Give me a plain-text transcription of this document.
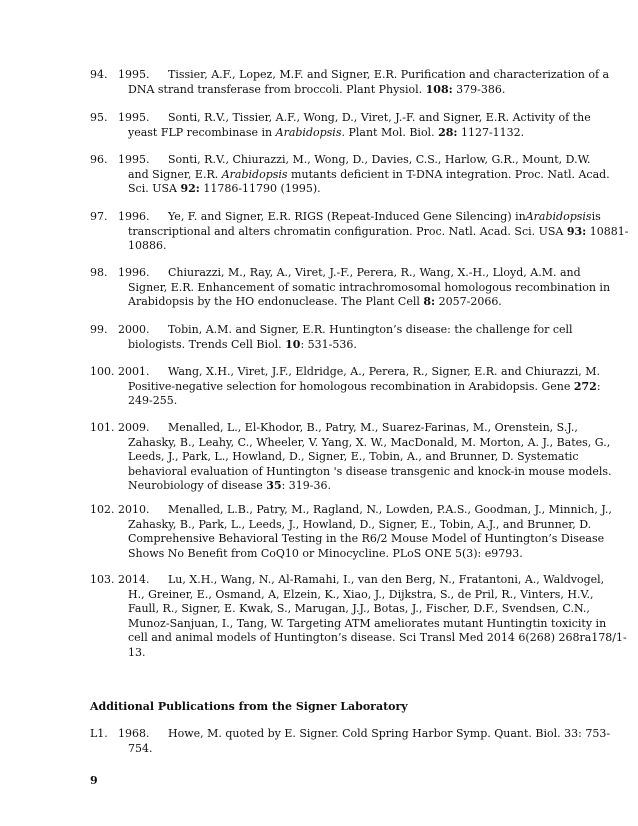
94. 1995.	Tissier, A.F., Lopez, M.F. and Signer, E.R. Purification and characterization of a
DNA strand transferase from broccoli. Plant Physiol. 108: 379-386.
95. 1995.	Sonti, R.V., Tissier, A.F., Wong, D., Viret, J.-F. and Signer, E.R. Activity of the
yeast FLP recombinase in Arabidopsis. Plant Mol. Biol. 28: 1127-1132.
96. 1995.	Sonti, R.V., Chiurazzi, M., Wong, D., Davies, C.S., Harlow, G.R., Mount, D.W.
and Signer, E.R. Arabidopsis mutants deficient in T-DNA integration. Proc. Natl. Acad.
Sci. USA 92: 11786-11790 (1995).
97. 1996.	Ye, F. and Signer, E.R. RIGS (Repeat-Induced Gene Silencing) in Arabidopsis is
transcriptional and alters chromatin configuration. Proc. Natl. Acad. Sci. USA 93: 10881-
10886.
98. 1996.	Chiurazzi, M., Ray, A., Viret, J.-F., Perera, R., Wang, X.-H., Lloyd, A.M. and
Signer, E.R. Enhancement of somatic intrachromosomal homologous recombination in
Arabidopsis by the HO endonuclease. The Plant Cell 8: 2057-2066.
99. 2000.	Tobin, A.M. and Signer, E.R. Huntington’s disease: the challenge for cell
biologists. Trends Cell Biol. 10: 531-536.
100. 2001.	Wang, X.H., Viret, J.F., Eldridge, A., Perera, R., Signer, E.R. and Chiurazzi, M.
Positive-negative selection for homologous recombination in Arabidopsis. Gene 272:
249-255.
101. 2009.	Menalled, L., El-Khodor, B., Patry, M., Suarez-Farinas, M., Orenstein, S.J.,
Zahasky, B., Leahy, C., Wheeler, V. Yang, X. W., MacDonald, M. Morton, A. J., Bates, G.,
Leeds, J., Park, L., Howland, D., Signer, E., Tobin, A., and Brunner, D. Systematic
behavioral evaluation of Huntington 's disease transgenic and knock-in mouse models.
Neurobiology of disease 35: 319-36.
102. 2010.	Menalled, L.B., Patry, M., Ragland, N., Lowden, P.A.S., Goodman, J., Minnich, J.,
Zahasky, B., Park, L., Leeds, J., Howland, D., Signer, E., Tobin, A.J., and Brunner, D.
Comprehensive Behavioral Testing in the R6/2 Mouse Model of Huntington’s Disease
Shows No Benefit from CoQ10 or Minocycline. PLoS ONE 5(3): e9793.
103. 2014.	Lu, X.H., Wang, N., Al-Ramahi, I., van den Berg, N., Fratantoni, A., Waldvogel,
H., Greiner, E., Osmand, A, Elzein, K., Xiao, J., Dijkstra, S., de Pril, R., Vinters, H.V.,
Faull, R., Signer, E. Kwak, S., Marugan, J.J., Botas, J., Fischer, D.F., Svendsen, C.N.,
Munoz-Sanjuan, I., Tang, W. Targeting ATM ameliorates mutant Huntingtin toxicity in
cell and animal models of Huntington’s disease. Sci Transl Med 2014 6(268) 268ra178/1-
13.
Additional Publications from the Signer Laboratory
L1. 1968.	Howe, M. quoted by E. Signer. Cold Spring Harbor Symp. Quant. Biol. 33: 753-
754.
9
